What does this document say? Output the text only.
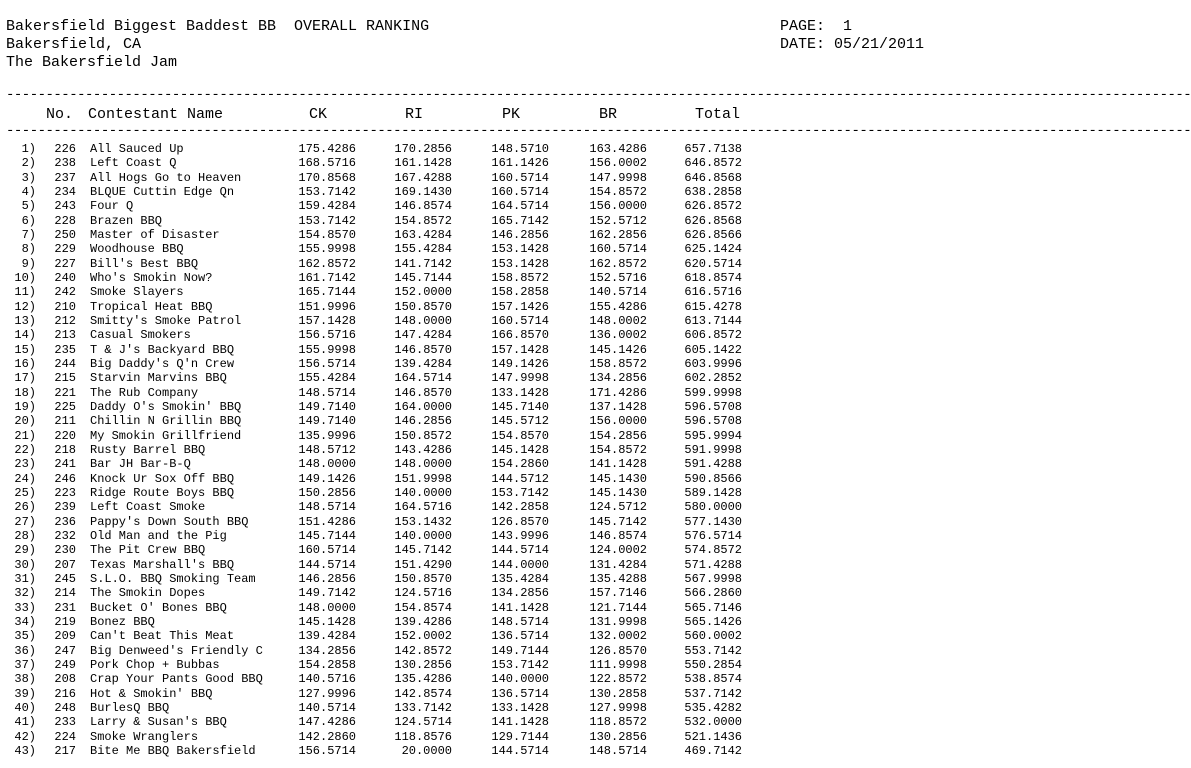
Bakersfield Biggest Baddest BB  OVERALL RANKING
Bakersfield, CA
The Bakersfield Jam
PAGE:  1
DATE: 05/21/2011
------------------------------------------------------------------------------------------------------------------------------------------------------
------------------------------------------------------------------------------------------------------------------------------------------------------
No. Contestant Name	CK	RI	PK	BR	Total
1)	226 All Sauced Up	175.4286	170.2856	148.5710	163.4286	657.7138
2)	238 Left Coast Q	168.5716	161.1428	161.1426	156.0002	646.8572
3)	237 All Hogs Go to Heaven	170.8568	167.4288	160.5714	147.9998	646.8568
4)	234 BLQUE Cuttin Edge Qn	153.7142	169.1430	160.5714	154.8572	638.2858
5)	243 Four Q	159.4284	146.8574	164.5714	156.0000	626.8572
6)	228 Brazen BBQ	153.7142	154.8572	165.7142	152.5712	626.8568
7)	250 Master of Disaster	154.8570	163.4284	146.2856	162.2856	626.8566
8)	229 Woodhouse BBQ	155.9998	155.4284	153.1428	160.5714	625.1424
9)	227 Bill's Best BBQ	162.8572	141.7142	153.1428	162.8572	620.5714
10)	240 Who's Smokin Now?	161.7142	145.7144	158.8572	152.5716	618.8574
11)	242 Smoke Slayers	165.7144	152.0000	158.2858	140.5714	616.5716
12)	210 Tropical Heat BBQ	151.9996	150.8570	157.1426	155.4286	615.4278
13)	212 Smitty's Smoke Patrol	157.1428	148.0000	160.5714	148.0002	613.7144
14)	213 Casual Smokers	156.5716	147.4284	166.8570	136.0002	606.8572
15)	235 T & J's Backyard BBQ	155.9998	146.8570	157.1428	145.1426	605.1422
16)	244 Big Daddy's Q'n Crew	156.5714	139.4284	149.1426	158.8572	603.9996
17)	215 Starvin Marvins BBQ	155.4284	164.5714	147.9998	134.2856	602.2852
18)	221 The Rub Company	148.5714	146.8570	133.1428	171.4286	599.9998
19)	225 Daddy O's Smokin' BBQ	149.7140	164.0000	145.7140	137.1428	596.5708
20)	211 Chillin N Grillin BBQ	149.7140	146.2856	145.5712	156.0000	596.5708
21)	220 My Smokin Grillfriend	135.9996	150.8572	154.8570	154.2856	595.9994
22)	218 Rusty Barrel BBQ	148.5712	143.4286	145.1428	154.8572	591.9998
23)	241 Bar JH Bar-B-Q	148.0000	148.0000	154.2860	141.1428	591.4288
24)	246 Knock Ur Sox Off BBQ	149.1426	151.9998	144.5712	145.1430	590.8566
25)	223 Ridge Route Boys BBQ	150.2856	140.0000	153.7142	145.1430	589.1428
26)	239 Left Coast Smoke	148.5714	164.5716	142.2858	124.5712	580.0000
27)	236 Pappy's Down South BBQ	151.4286	153.1432	126.8570	145.7142	577.1430
28)	232 Old Man and the Pig	145.7144	140.0000	143.9996	146.8574	576.5714
29)	230 The Pit Crew BBQ	160.5714	145.7142	144.5714	124.0002	574.8572
30)	207 Texas Marshall's BBQ	144.5714	151.4290	144.0000	131.4284	571.4288
31)	245 S.L.O. BBQ Smoking Team	146.2856	150.8570	135.4284	135.4288	567.9998
32)	214 The Smokin Dopes	149.7142	124.5716	134.2856	157.7146	566.2860
33)	231 Bucket O' Bones BBQ	148.0000	154.8574	141.1428	121.7144	565.7146
34)	219 Bonez BBQ	145.1428	139.4286	148.5714	131.9998	565.1426
35)	209 Can't Beat This Meat	139.4284	152.0002	136.5714	132.0002	560.0002
36)	247 Big Denweed's Friendly C	134.2856	142.8572	149.7144	126.8570	553.7142
37)	249 Pork Chop + Bubbas	154.2858	130.2856	153.7142	111.9998	550.2854
38)	208 Crap Your Pants Good BBQ	140.5716	135.4286	140.0000	122.8572	538.8574
39)	216 Hot & Smokin' BBQ	127.9996	142.8574	136.5714	130.2858	537.7142
40)	248 BurlesQ BBQ	140.5714	133.7142	133.1428	127.9998	535.4282
41)	233 Larry & Susan's BBQ	147.4286	124.5714	141.1428	118.8572	532.0000
42)	224 Smoke Wranglers	142.2860	118.8576	129.7144	130.2856	521.1436
43)	217 Bite Me BBQ Bakersfield	156.5714	20.0000	144.5714	148.5714	469.7142
